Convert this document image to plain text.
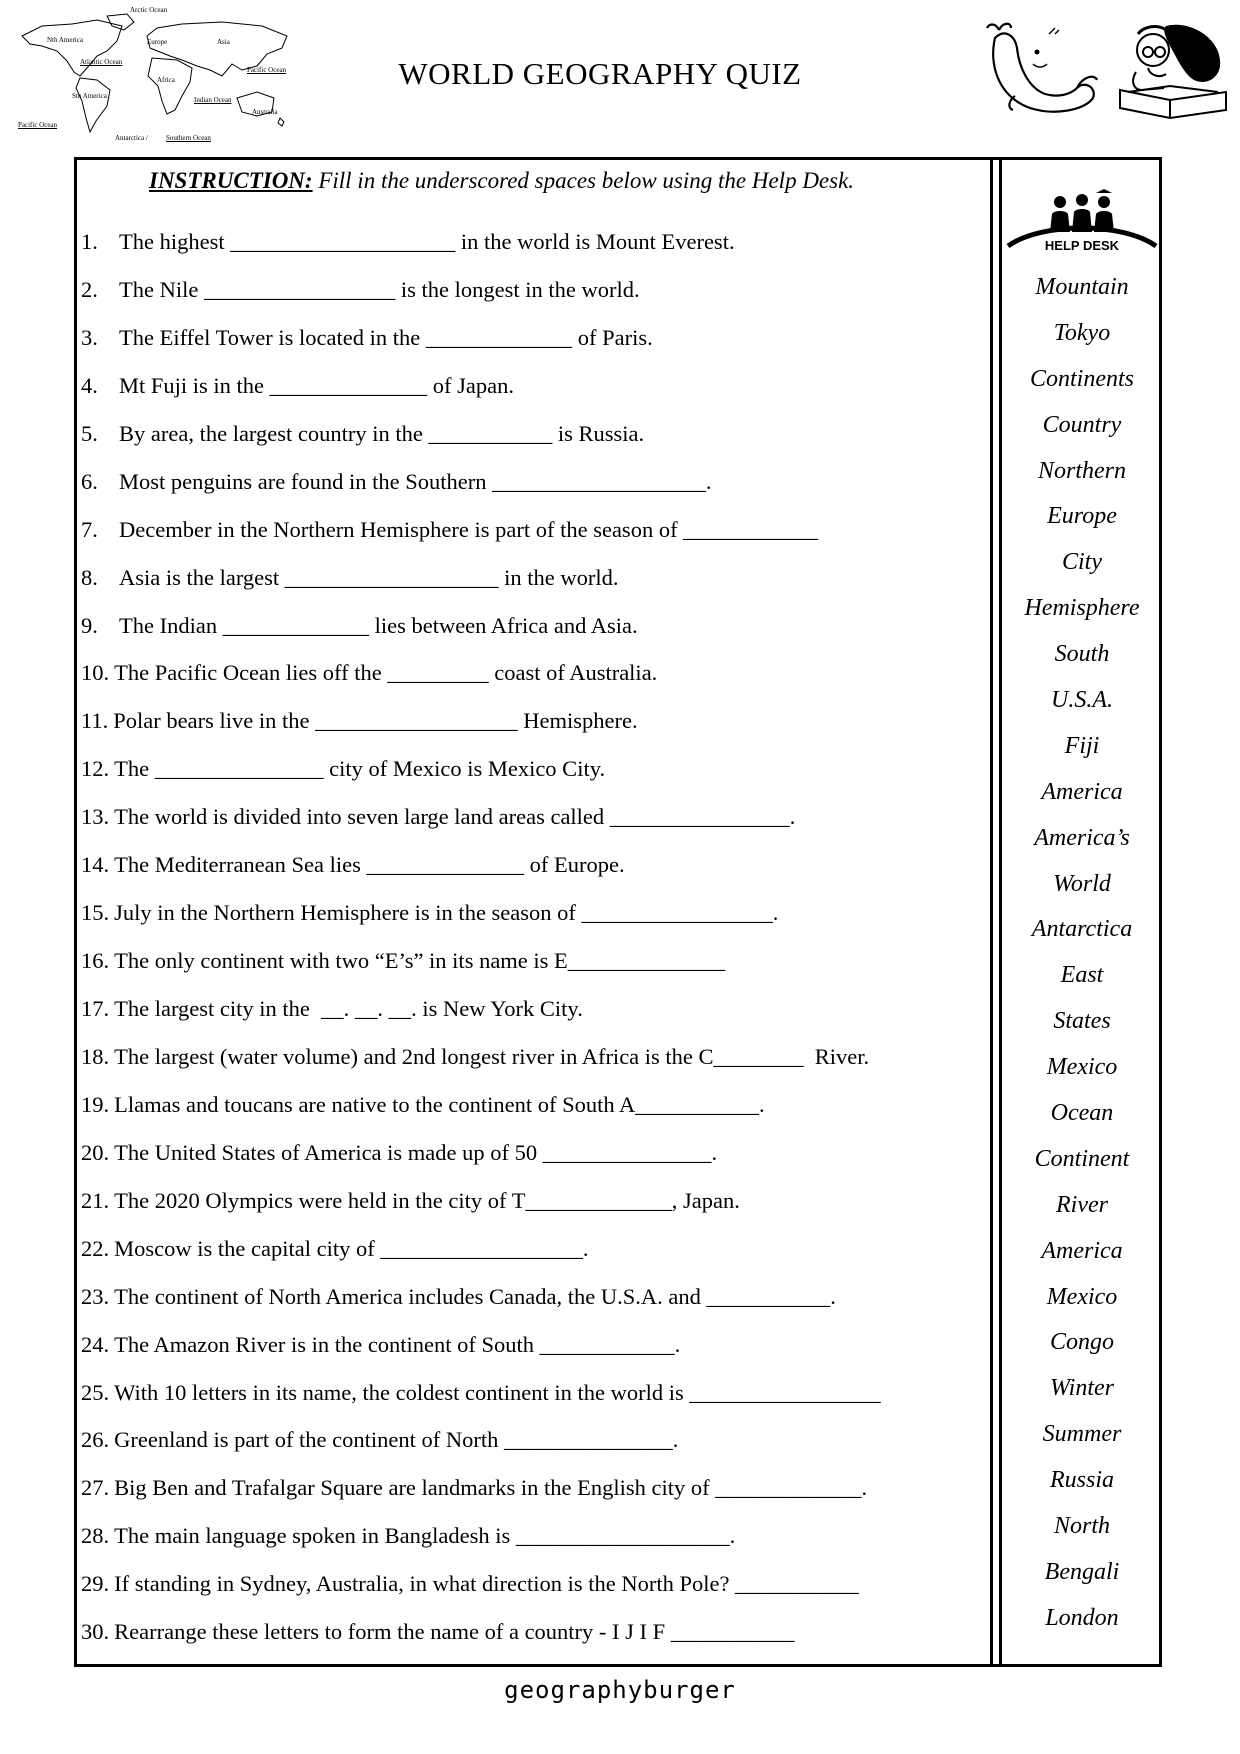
Arctic Ocean
Nth America	Europe	Asia
Atlantic Ocean
Pacific Ocean
Africa
Sth America	Indian Ocean
Australia
Pacific Ocean
Antarctica /	Southern Ocean
WORLD GEOGRAPHY QUIZ
INSTRUCTION: Fill in the underscored spaces below using the Help Desk.
1. The highest ____________________ in the world is Mount Everest.
2. The Nile _________________ is the longest in the world.
3. The Eiffel Tower is located in the _____________ of Paris.
4. Mt Fuji is in the ______________ of Japan.
5. By area, the largest country in the ___________ is Russia.
6. Most penguins are found in the Southern ___________________.
7. December in the Northern Hemisphere is part of the season of ____________
8. Asia is the largest ___________________ in the world.
9. The Indian _____________ lies between Africa and Asia.
10. The Pacific Ocean lies off the _________ coast of Australia.
11. Polar bears live in the __________________ Hemisphere.
12. The _______________ city of Mexico is Mexico City.
13. The world is divided into seven large land areas called ________________.
14. The Mediterranean Sea lies ______________ of Europe.
15. July in the Northern Hemisphere is in the season of _________________.
16. The only continent with two “E’s” in its name is E______________
17. The largest city in the  __. __. __. is New York City.
18. The largest (water volume) and 2nd longest river in Africa is the C________  River.
19. Llamas and toucans are native to the continent of South A___________.
20. The United States of America is made up of 50 _______________.
21. The 2020 Olympics were held in the city of T_____________, Japan.
22. Moscow is the capital city of __________________.
23. The continent of North America includes Canada, the U.S.A. and ___________.
24. The Amazon River is in the continent of South ____________.
25. With 10 letters in its name, the coldest continent in the world is _________________
26. Greenland is part of the continent of North _______________.
27. Big Ben and Trafalgar Square are landmarks in the English city of _____________.
28. The main language spoken in Bangladesh is ___________________.
29. If standing in Sydney, Australia, in what direction is the North Pole? ___________
30. Rearrange these letters to form the name of a country - I J I F ___________
HELP DESK
Mountain
Tokyo
Continents
Country
Northern
Europe
City
Hemisphere
South
U.S.A.
Fiji
America
America’s
World
Antarctica
East
States
Mexico
Ocean
Continent
River
America
Mexico
Congo
Winter
Summer
Russia
North
Bengali
London
geographyburger
